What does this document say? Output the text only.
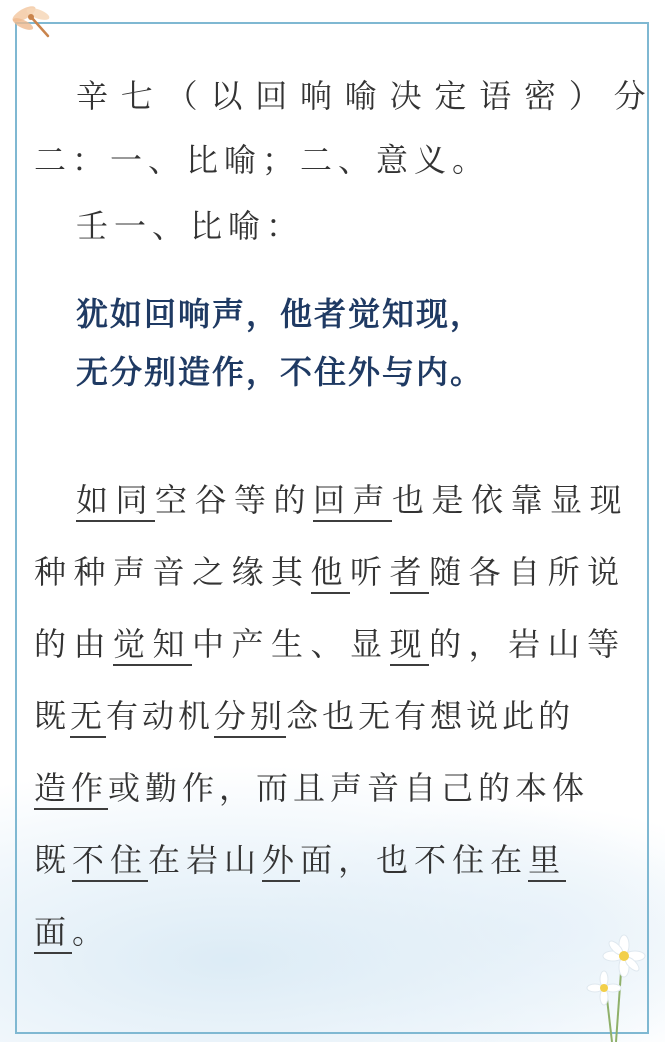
辛七（以回响喻决定语密）分
二：一、比喻；二、意义。
壬一、比喻：
犹如回响声，他者觉知现，
无分别造作，不住外与内。
如同空谷等的回声也是依靠显现
种种声音之缘其他听者随各自所说
的由觉知中产生、显现的，岩山等
既无有动机分别念也无有想说此的
造作或勤作，而且声音自己的本体
既不住在岩山外面，也不住在里
面。
